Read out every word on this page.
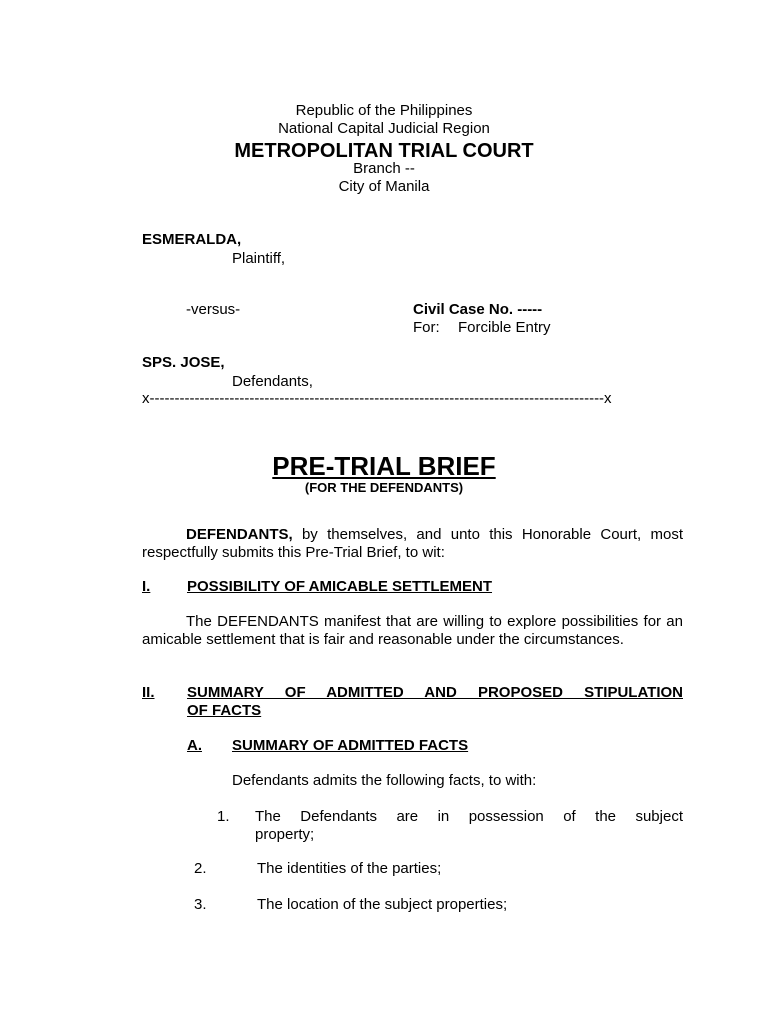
Republic of the Philippines
National Capital Judicial Region
METROPOLITAN TRIAL COURT
Branch --
City of Manila
ESMERALDA,
Plaintiff,
-versus-	Civil Case No. -----
For: Forcible Entry
SPS. JOSE,
Defendants,
x-------------------------------------------------------------------------------------------x
PRE-TRIAL BRIEF
(FOR THE DEFENDANTS)
DEFENDANTS, by themselves, and unto this Honorable Court, most respectfully submits this Pre-Trial Brief, to wit:
I. POSSIBILITY OF AMICABLE SETTLEMENT
The DEFENDANTS manifest that are willing to explore possibilities for an amicable settlement that is fair and reasonable under the circumstances.
II. SUMMARY OF ADMITTED AND PROPOSED STIPULATION
OF FACTS
A. SUMMARY OF ADMITTED FACTS
Defendants admits the following facts, to with:
1. The Defendants are in possession of the subject
property;
2.	The identities of the parties;
3.	The location of the subject properties;
